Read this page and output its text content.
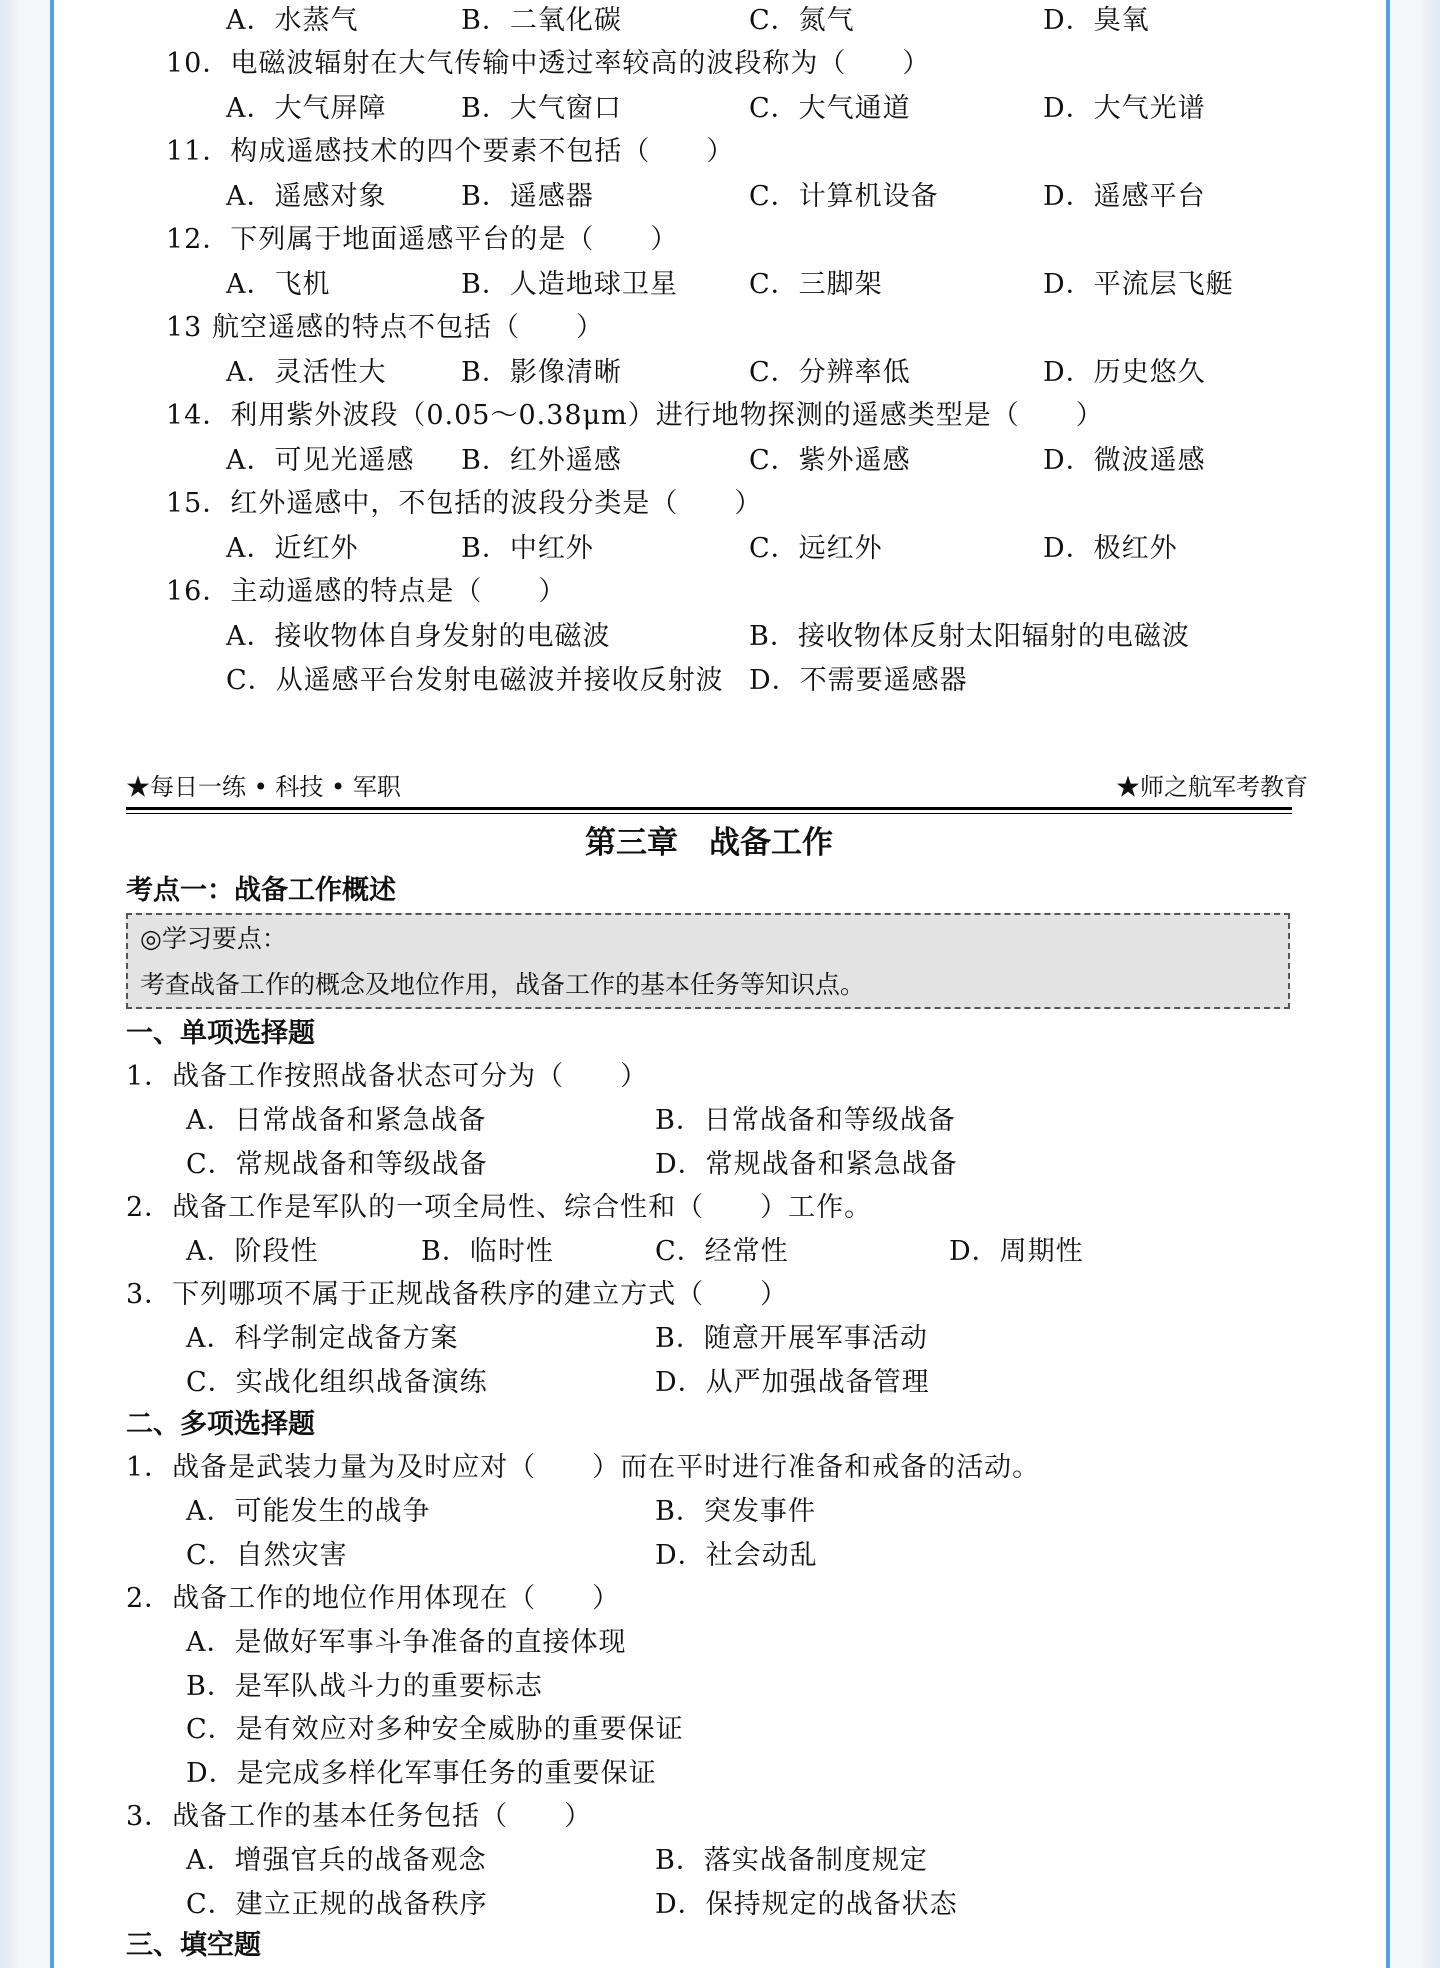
A．水蒸气	B．二氧化碳	C．氮气	D．臭氧
10．电磁波辐射在大气传输中透过率较高的波段称为（　　）
A．大气屏障	B．大气窗口	C．大气通道	D．大气光谱
11．构成遥感技术的四个要素不包括（　　）
A．遥感对象	B．遥感器	C．计算机设备	D．遥感平台
12．下列属于地面遥感平台的是（　　）
A．飞机	B．人造地球卫星	C．三脚架	D．平流层飞艇
13 航空遥感的特点不包括（　　）
A．灵活性大	B．影像清晰	C．分辨率低	D．历史悠久
14．利用紫外波段（0.05～0.38μm）进行地物探测的遥感类型是（　　）
A．可见光遥感 B．红外遥感	C．紫外遥感	D．微波遥感
15．红外遥感中，不包括的波段分类是（　　）
A．近红外	B．中红外	C．远红外	D．极红外
16．主动遥感的特点是（　　）
A．接收物体自身发射的电磁波	B．接收物体反射太阳辐射的电磁波
C．从遥感平台发射电磁波并接收反射波 D．不需要遥感器
★每日一练 • 科技 • 军职	★师之航军考教育
第三章　战备工作
考点一：战备工作概述
◎学习要点：
考查战备工作的概念及地位作用，战备工作的基本任务等知识点。
一、单项选择题
1．战备工作按照战备状态可分为（　　）
A．日常战备和紧急战备	B．日常战备和等级战备
C．常规战备和等级战备	D．常规战备和紧急战备
2．战备工作是军队的一项全局性、综合性和（　　）工作。
A．阶段性	B．临时性	C．经常性	D．周期性
3．下列哪项不属于正规战备秩序的建立方式（　　）
A．科学制定战备方案	B．随意开展军事活动
C．实战化组织战备演练	D．从严加强战备管理
二、多项选择题
1．战备是武装力量为及时应对（　　）而在平时进行准备和戒备的活动。
A．可能发生的战争	B．突发事件
C．自然灾害	D．社会动乱
2．战备工作的地位作用体现在（　　）
A．是做好军事斗争准备的直接体现
B．是军队战斗力的重要标志
C．是有效应对多种安全威胁的重要保证
D．是完成多样化军事任务的重要保证
3．战备工作的基本任务包括（　　）
A．增强官兵的战备观念	B．落实战备制度规定
C．建立正规的战备秩序	D．保持规定的战备状态
三、填空题
